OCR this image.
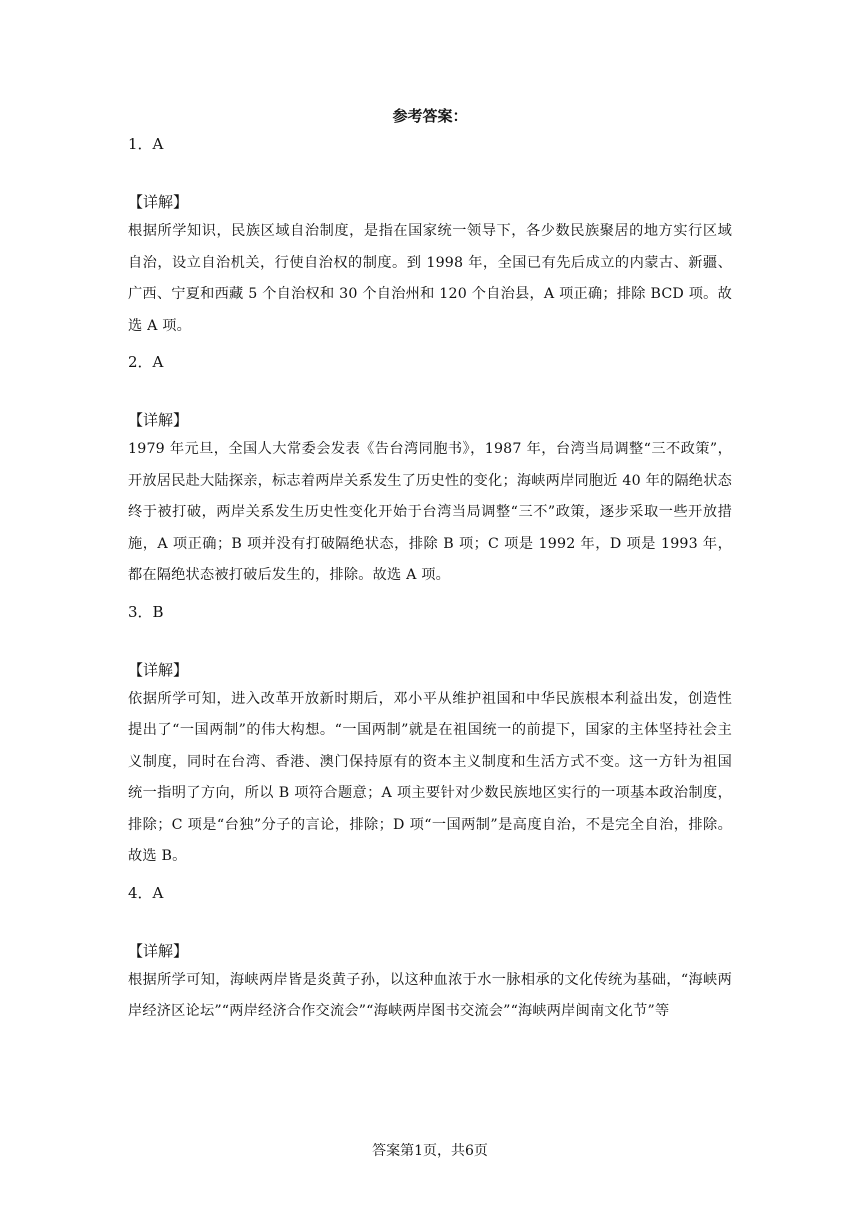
参考答案：

1．A

【详解】

根据所学知识，民族区域自治制度，是指在国家统一领导下，各少数民族聚居的地方实行区域自治，设立自治机关，行使自治权的制度。到 1998 年，全国已有先后成立的内蒙古、新疆、广西、宁夏和西藏 5 个自治权和 30 个自治州和 120 个自治县，A 项正确；排除 BCD 项。故选 A 项。

2．A

【详解】

1979 年元旦，全国人大常委会发表《告台湾同胞书》，1987 年，台湾当局调整“三不政策”，开放居民赴大陆探亲，标志着两岸关系发生了历史性的变化；海峡两岸同胞近 40 年的隔绝状态终于被打破，两岸关系发生历史性变化开始于台湾当局调整“三不”政策，逐步采取一些开放措施，A 项正确；B 项并没有打破隔绝状态，排除 B 项；C 项是 1992 年，D 项是 1993 年，都在隔绝状态被打破后发生的，排除。故选 A 项。

3．B

【详解】

依据所学可知，进入改革开放新时期后，邓小平从维护祖国和中华民族根本利益出发，创造性提出了“一国两制”的伟大构想。“一国两制”就是在祖国统一的前提下，国家的主体坚持社会主义制度，同时在台湾、香港、澳门保持原有的资本主义制度和生活方式不变。这一方针为祖国统一指明了方向，所以 B 项符合题意；A 项主要针对少数民族地区实行的一项基本政治制度，排除；C 项是“台独”分子的言论，排除；D 项“一国两制”是高度自治，不是完全自治，排除。故选 B。

4．A

【详解】

根据所学可知，海峡两岸皆是炎黄子孙，以这种血浓于水一脉相承的文化传统为基础，“海峡两岸经济区论坛”“两岸经济合作交流会”“海峡两岸图书交流会”“海峡两岸闽南文化节”等

答案第1页，共6页
